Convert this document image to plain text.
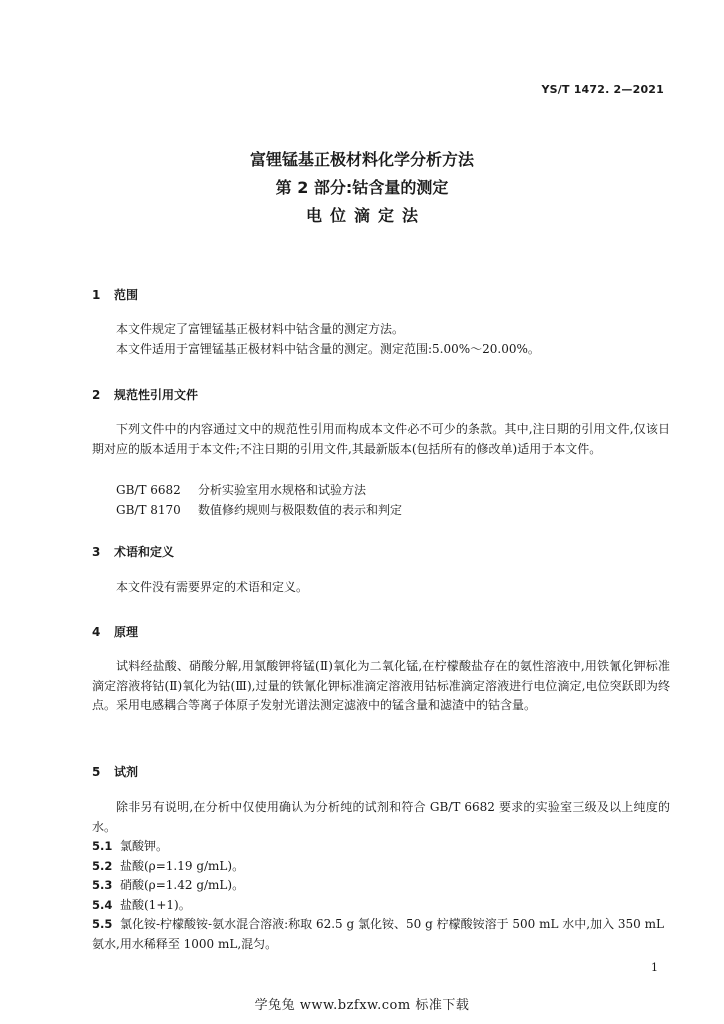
YS/T 1472. 2—2021
富锂锰基正极材料化学分析方法
第 2 部分:钴含量的测定
电位滴定法
1 范围

本文件规定了富锂锰基正极材料中钴含量的测定方法。

本文件适用于富锂锰基正极材料中钴含量的测定。测定范围:5.00%～20.00%。

2 规范性引用文件

下列文件中的内容通过文中的规范性引用而构成本文件必不可少的条款。其中,注日期的引用文件,仅该日期对应的版本适用于本文件;不注日期的引用文件,其最新版本(包括所有的修改单)适用于本文件。

GB/T 6682	分析实验室用水规格和试验方法
GB/T 8170	数值修约规则与极限数值的表示和判定
3 术语和定义

本文件没有需要界定的术语和定义。

4 原理

试料经盐酸、硝酸分解,用氯酸钾将锰(Ⅱ)氧化为二氧化锰,在柠檬酸盐存在的氨性溶液中,用铁氰化钾标准滴定溶液将钴(Ⅱ)氧化为钴(Ⅲ),过量的铁氰化钾标准滴定溶液用钴标准滴定溶液进行电位滴定,电位突跃即为终点。采用电感耦合等离子体原子发射光谱法测定滤液中的锰含量和滤渣中的钴含量。

5 试剂

除非另有说明,在分析中仅使用确认为分析纯的试剂和符合 GB/T 6682 要求的实验室三级及以上纯度的水。

5.1 氯酸钾。
5.2 盐酸(ρ=1.19 g/mL)。
5.3 硝酸(ρ=1.42 g/mL)。
5.4 盐酸(1+1)。
5.5 氯化铵-柠檬酸铵-氨水混合溶液:称取 62.5 g 氯化铵、50 g 柠檬酸铵溶于 500 mL 水中,加入 350 mL

氨水,用水稀释至 1000 mL,混匀。

1
学兔兔 www.bzfxw.com 标准下载
